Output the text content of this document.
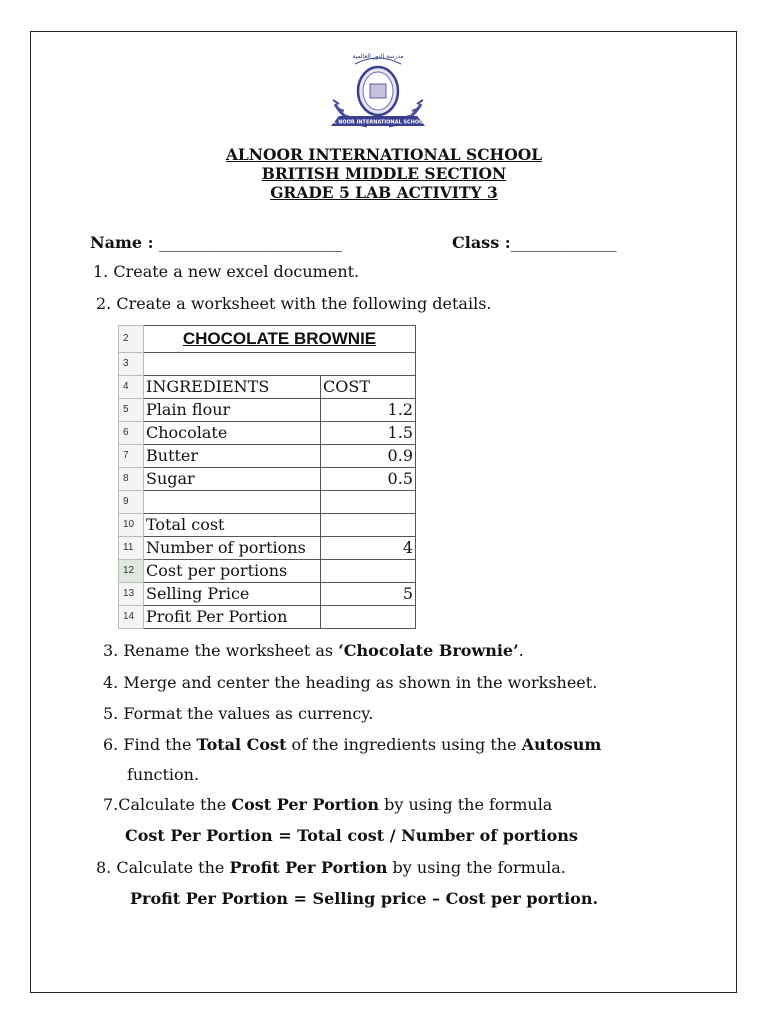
مدرسة النور العالمية
AL NOOR INTERNATIONAL SCHOOL
ALNOOR INTERNATIONAL SCHOOL
BRITISH MIDDLE SECTION
GRADE 5 LAB ACTIVITY 3
Name : __________________________	Class :_______________
1. Create a new excel document.
2. Create a worksheet with the following details.
2	CHOCOLATE BROWNIE	
3		
4	INGREDIENTS	COST
5	Plain flour	1.2
6	Chocolate	1.5
7	Butter	0.9
8	Sugar	0.5
9		
10	Total cost	
11	Number of portions	4
12	Cost per portions	
13	Selling Price	5
14	Profit Per Portion	
3. Rename the worksheet as ‘Chocolate Brownie’.
4. Merge and center the heading as shown in the worksheet.
5. Format the values as currency.
6. Find the Total Cost of the ingredients using the Autosum
function.
7.Calculate the Cost Per Portion by using the formula
Cost Per Portion = Total cost / Number of portions
8. Calculate the Profit Per Portion by using the formula.
Profit Per Portion = Selling price – Cost per portion.
